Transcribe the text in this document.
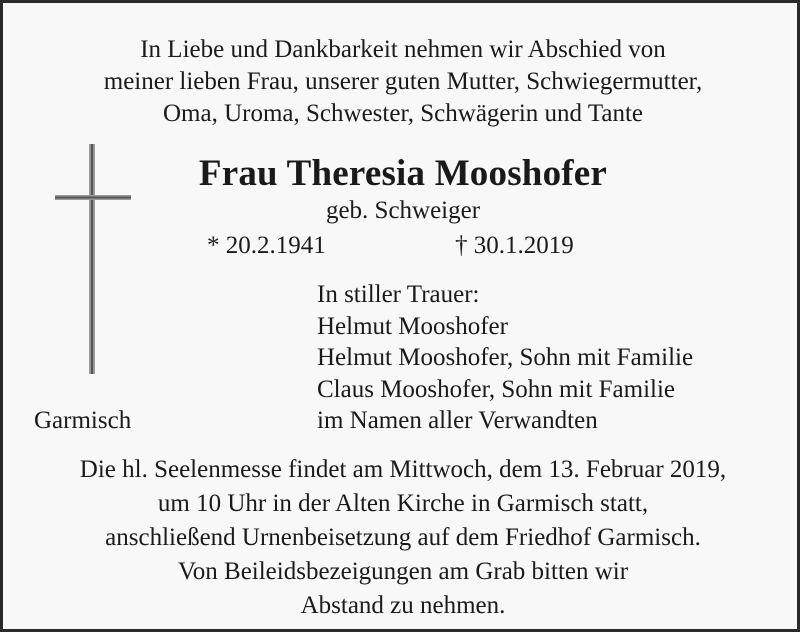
In Liebe und Dankbarkeit nehmen wir Abschied von
meiner lieben Frau, unserer guten Mutter, Schwiegermutter,
Oma, Uroma, Schwester, Schwägerin und Tante
Frau Theresia Mooshofer
geb. Schweiger
* 20.2.1941	† 30.1.2019
In stiller Trauer:
Helmut Mooshofer
Helmut Mooshofer, Sohn mit Familie
Claus Mooshofer, Sohn mit Familie
im Namen aller Verwandten
Garmisch
Die hl. Seelenmesse findet am Mittwoch, dem 13. Februar 2019,
um 10 Uhr in der Alten Kirche in Garmisch statt,
anschließend Urnenbeisetzung auf dem Friedhof Garmisch.
Von Beileidsbezeigungen am Grab bitten wir
Abstand zu nehmen.
